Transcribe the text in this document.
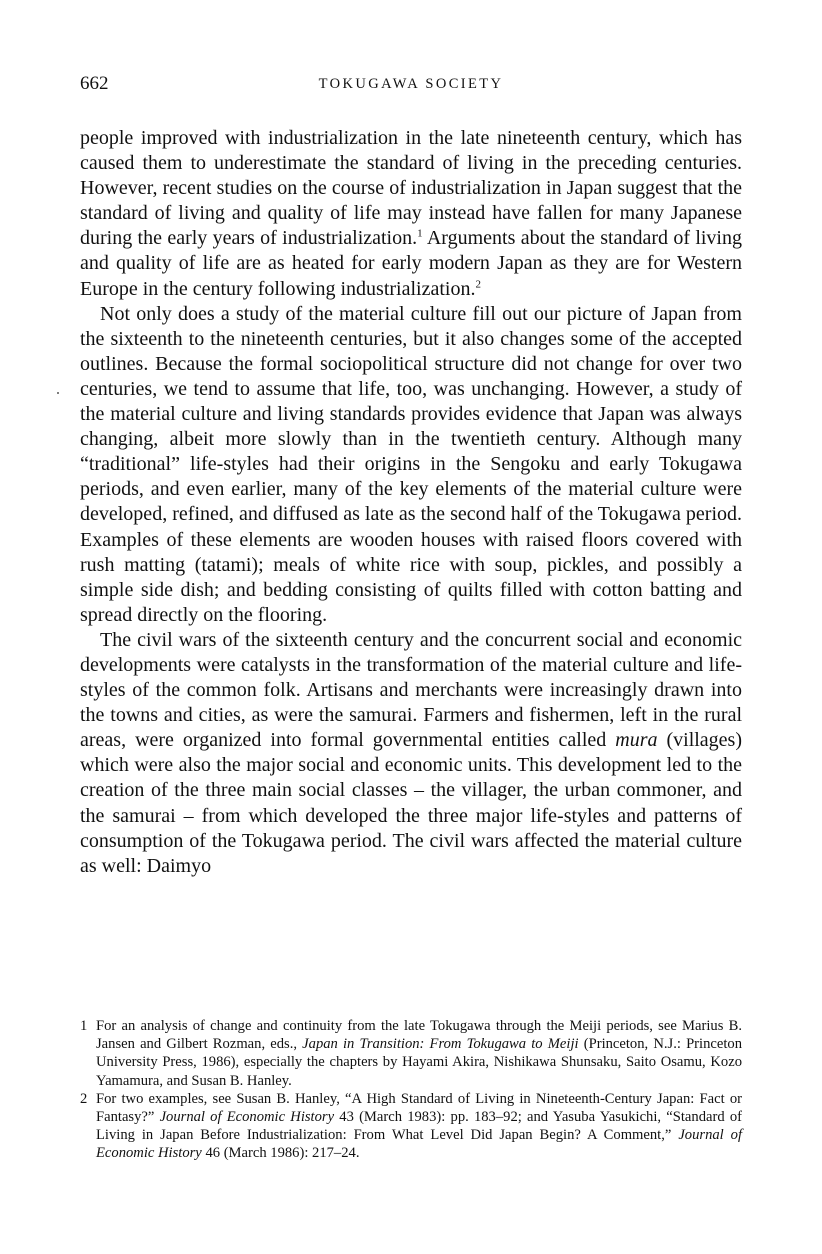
662	TOKUGAWA SOCIETY

people improved with industrialization in the late nineteenth century, which has caused them to underestimate the standard of living in the preceding centuries. However, recent studies on the course of industrialization in Japan suggest that the standard of living and quality of life may instead have fallen for many Japanese during the early years of industrialization.$^1$ Arguments about the standard of living and quality of life are as heated for early modern Japan as they are for Western Europe in the century following industrialization.$^2$

Not only does a study of the material culture fill out our picture of Japan from the sixteenth to the nineteenth centuries, but it also changes some of the accepted outlines. Because the formal sociopolitical structure did not change for over two centuries, we tend to assume that life, too, was unchanging. However, a study of the material culture and living standards provides evidence that Japan was always changing, albeit more slowly than in the twentieth century. Although many “traditional” life-styles had their origins in the Sengoku and early Tokugawa periods, and even earlier, many of the key elements of the material culture were developed, refined, and diffused as late as the second half of the Tokugawa period. Examples of these elements are wooden houses with raised floors covered with rush matting (tatami); meals of white rice with soup, pickles, and possibly a simple side dish; and bedding consisting of quilts filled with cotton batting and spread directly on the flooring.

The civil wars of the sixteenth century and the concurrent social and economic developments were catalysts in the transformation of the material culture and life-styles of the common folk. Artisans and merchants were increasingly drawn into the towns and cities, as were the samurai. Farmers and fishermen, left in the rural areas, were organized into formal governmental entities called mura (villages) which were also the major social and economic units. This development led to the creation of the three main social classes – the villager, the urban commoner, and the samurai – from which developed the three major life-styles and patterns of consumption of the Tokugawa period. The civil wars affected the material culture as well: Daimyo

1 For an analysis of change and continuity from the late Tokugawa through the Meiji periods, see Marius B. Jansen and Gilbert Rozman, eds., Japan in Transition: From Tokugawa to Meiji (Princeton, N.J.: Princeton University Press, 1986), especially the chapters by Hayami Akira, Nishikawa Shunsaku, Saito Osamu, Kozo Yamamura, and Susan B. Hanley.

2 For two examples, see Susan B. Hanley, “A High Standard of Living in Nineteenth-Century Japan: Fact or Fantasy?” Journal of Economic History 43 (March 1983): pp. 183–92; and Yasuba Yasukichi, “Standard of Living in Japan Before Industrialization: From What Level Did Japan Begin? A Comment,” Journal of Economic History 46 (March 1986): 217–24.
